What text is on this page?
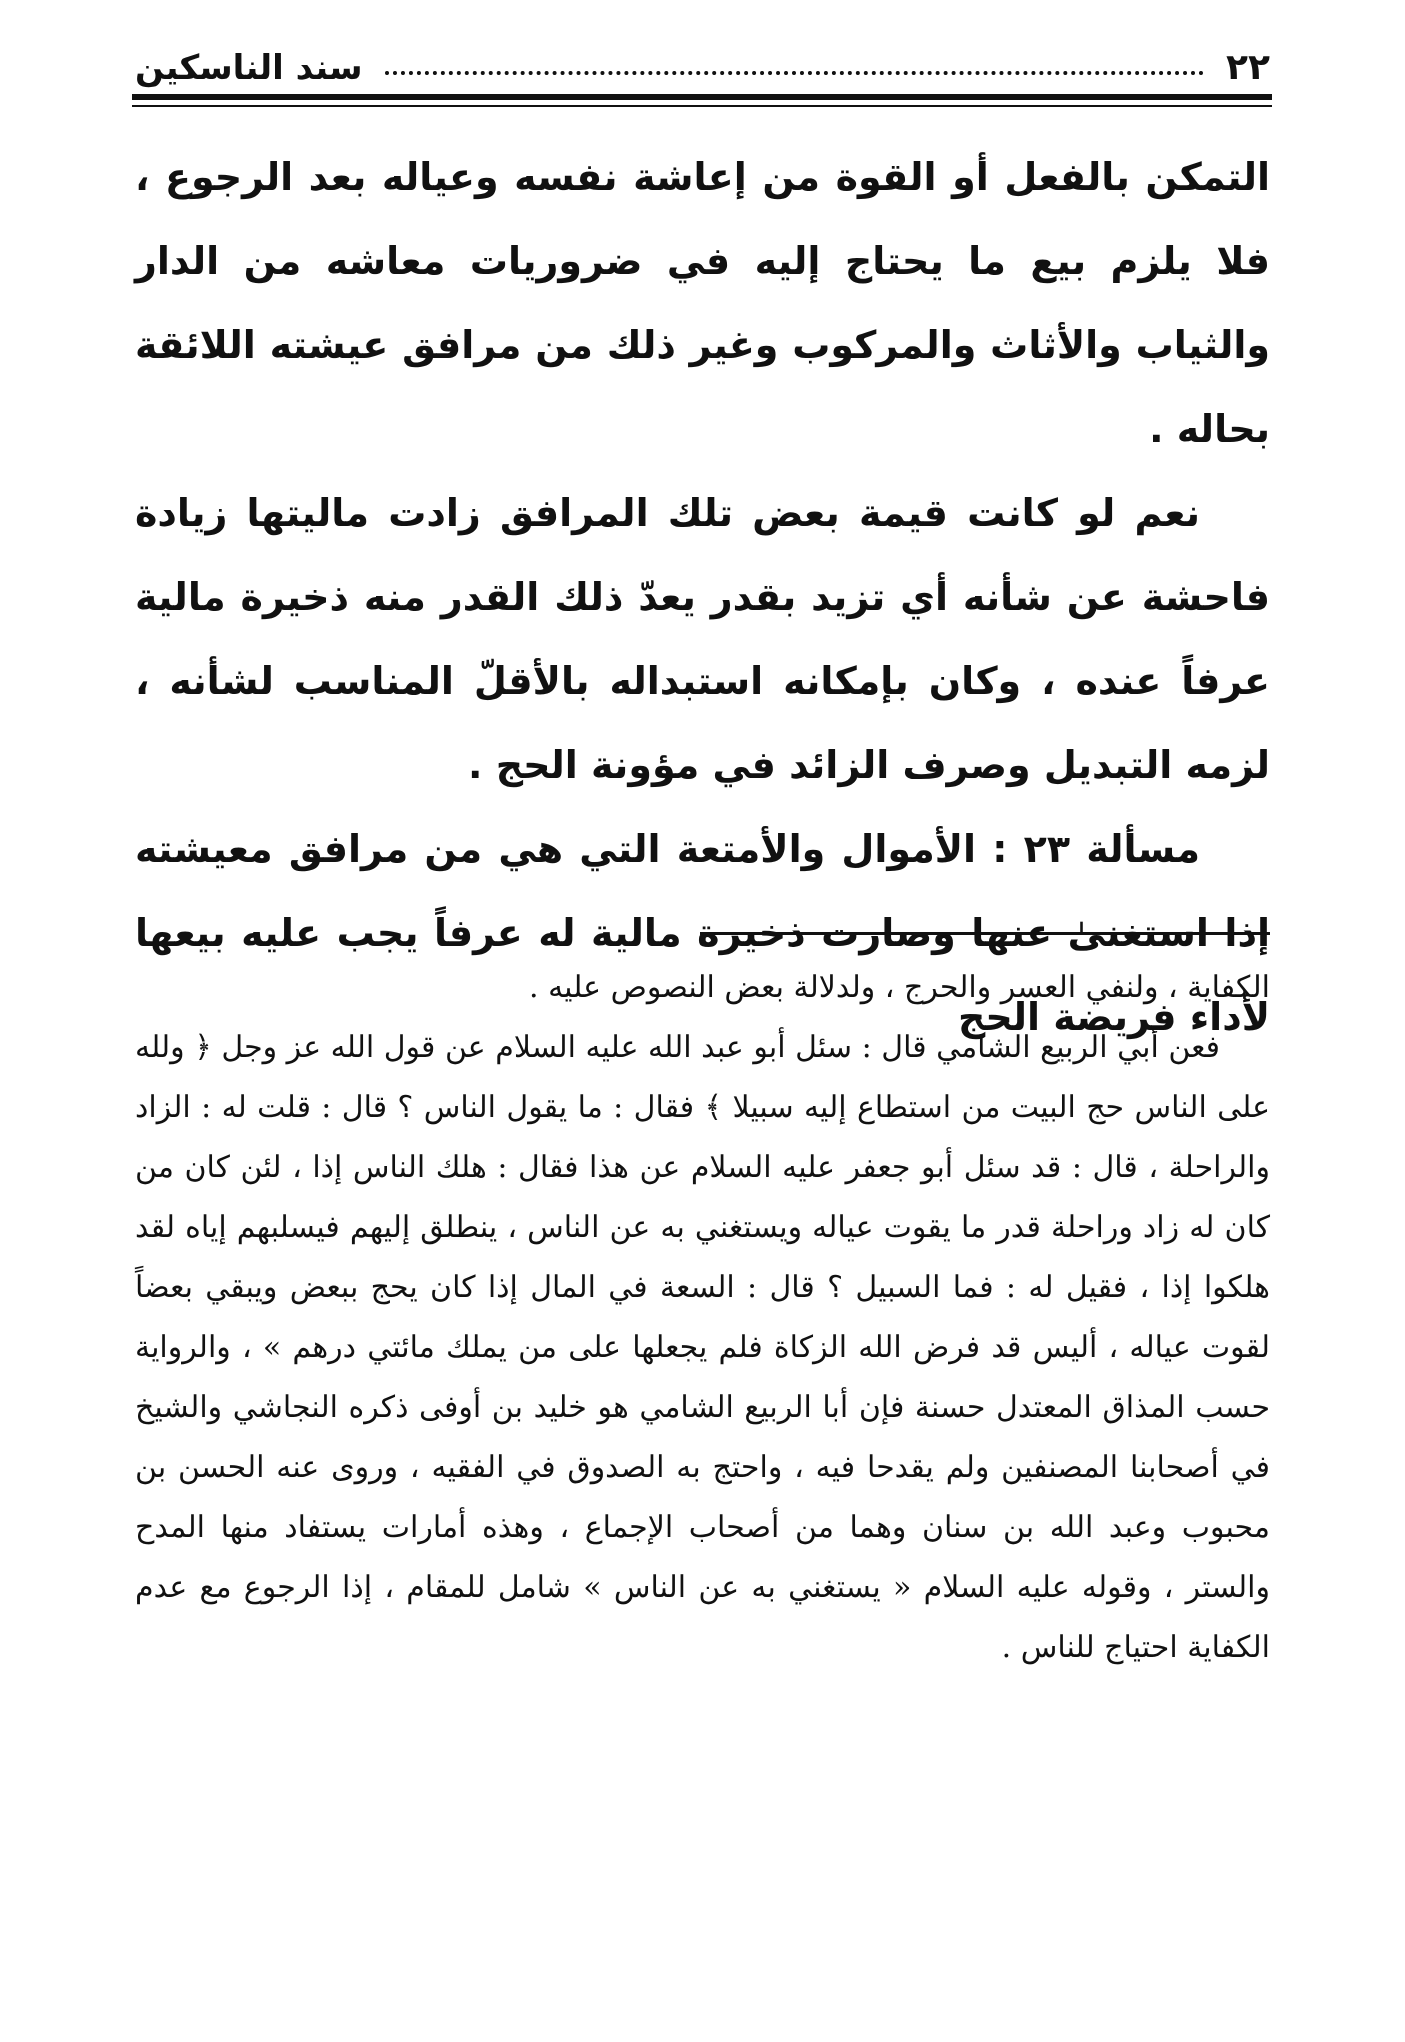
٢٢
سند الناسكين

التمكن بالفعل أو القوة من إعاشة نفسه وعياله بعد الرجوع ، فلا يلزم بيع ما يحتاج إليه في ضروريات معاشه من الدار والثياب والأثاث والمركوب وغير ذلك من مرافق عيشته اللائقة بحاله .

نعم لو كانت قيمة بعض تلك المرافق زادت ماليتها زيادة فاحشة عن شأنه أي تزيد بقدر يعدّ ذلك القدر منه ذخيرة مالية عرفاً عنده ، وكان بإمكانه استبداله بالأقلّ المناسب لشأنه ، لزمه التبديل وصرف الزائد في مؤونة الحج .

مسألة ٢٣ : الأموال والأمتعة التي هي من مرافق معيشته إذا استغنىٰ عنها وصارت ذخيرة مالية له عرفاً يجب عليه بيعها لأداء فريضة الحج

الكفاية ، ولنفي العسر والحرج ، ولدلالة بعض النصوص عليه .

فعن أبي الربيع الشامي قال : سئل أبو عبد الله عليه السلام عن قول الله عز وجل ﴿ ولله على الناس حج البيت من استطاع إليه سبيلا ﴾ فقال : ما يقول الناس ؟ قال : قلت له : الزاد والراحلة ، قال : قد سئل أبو جعفر عليه السلام عن هذا فقال : هلك الناس إذا ، لئن كان من كان له زاد وراحلة قدر ما يقوت عياله ويستغني به عن الناس ، ينطلق إليهم فيسلبهم إياه لقد هلكوا إذا ، فقيل له : فما السبيل ؟ قال : السعة في المال إذا كان يحج ببعض ويبقي بعضاً لقوت عياله ، أليس قد فرض الله الزكاة فلم يجعلها على من يملك مائتي درهم » ، والرواية حسب المذاق المعتدل حسنة فإن أبا الربيع الشامي هو خليد بن أوفى ذكره النجاشي والشيخ في أصحابنا المصنفين ولم يقدحا فيه ، واحتج به الصدوق في الفقيه ، وروى عنه الحسن بن محبوب وعبد الله بن سنان وهما من أصحاب الإجماع ، وهذه أمارات يستفاد منها المدح والستر ، وقوله عليه السلام « يستغني به عن الناس » شامل للمقام ، إذا الرجوع مع عدم الكفاية احتياج للناس .
